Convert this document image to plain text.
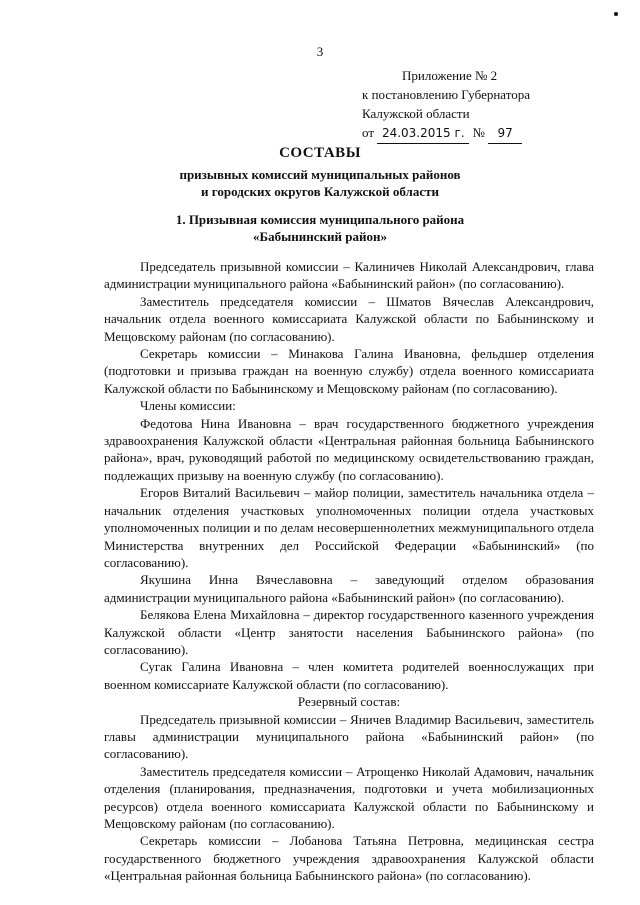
3
Приложение № 2
к постановлению Губернатора
Калужской области
от 24.03.2015 г. № 97
СОСТАВЫ
призывных комиссий муниципальных районов
и городских округов Калужской области
1. Призывная комиссия муниципального района
«Бабынинский район»

Председатель призывной комиссии – Калиничев Николай Александрович, глава администрации муниципального района «Бабынинский район» (по согласованию).

Заместитель председателя комиссии – Шматов Вячеслав Александрович, начальник отдела военного комиссариата Калужской области по Бабынинскому и Мещовскому районам (по согласованию).

Секретарь комиссии – Минакова Галина Ивановна, фельдшер отделения (подготовки и призыва граждан на военную службу) отдела военного комиссариата Калужской области по Бабынинскому и Мещовскому районам (по согласованию).

Члены комиссии:

Федотова Нина Ивановна – врач государственного бюджетного учреждения здравоохранения Калужской области «Центральная районная больница Бабынинского района», врач, руководящий работой по медицинскому освидетельствованию граждан, подлежащих призыву на военную службу (по согласованию).

Егоров Виталий Васильевич – майор полиции, заместитель начальника отдела – начальник отделения участковых уполномоченных полиции отдела участковых уполномоченных полиции и по делам несовершеннолетних межмуниципального отдела Министерства внутренних дел Российской Федерации «Бабынинский» (по согласованию).

Якушина Инна Вячеславовна – заведующий отделом образования администрации муниципального района «Бабынинский район» (по согласованию).

Белякова Елена Михайловна – директор государственного казенного учреждения Калужской области «Центр занятости населения Бабынинского района» (по согласованию).

Сугак Галина Ивановна – член комитета родителей военнослужащих при военном комиссариате Калужской области (по согласованию).

Резервный состав:

Председатель призывной комиссии – Яничев Владимир Васильевич, заместитель главы администрации муниципального района «Бабынинский район» (по согласованию).

Заместитель председателя комиссии – Атрощенко Николай Адамович, начальник отделения (планирования, предназначения, подготовки и учета мобилизационных ресурсов) отдела военного комиссариата Калужской области по Бабынинскому и Мещовскому районам (по согласованию).

Секретарь комиссии – Лобанова Татьяна Петровна, медицинская сестра государственного бюджетного учреждения здравоохранения Калужской области «Центральная районная больница Бабынинского района» (по согласованию).
